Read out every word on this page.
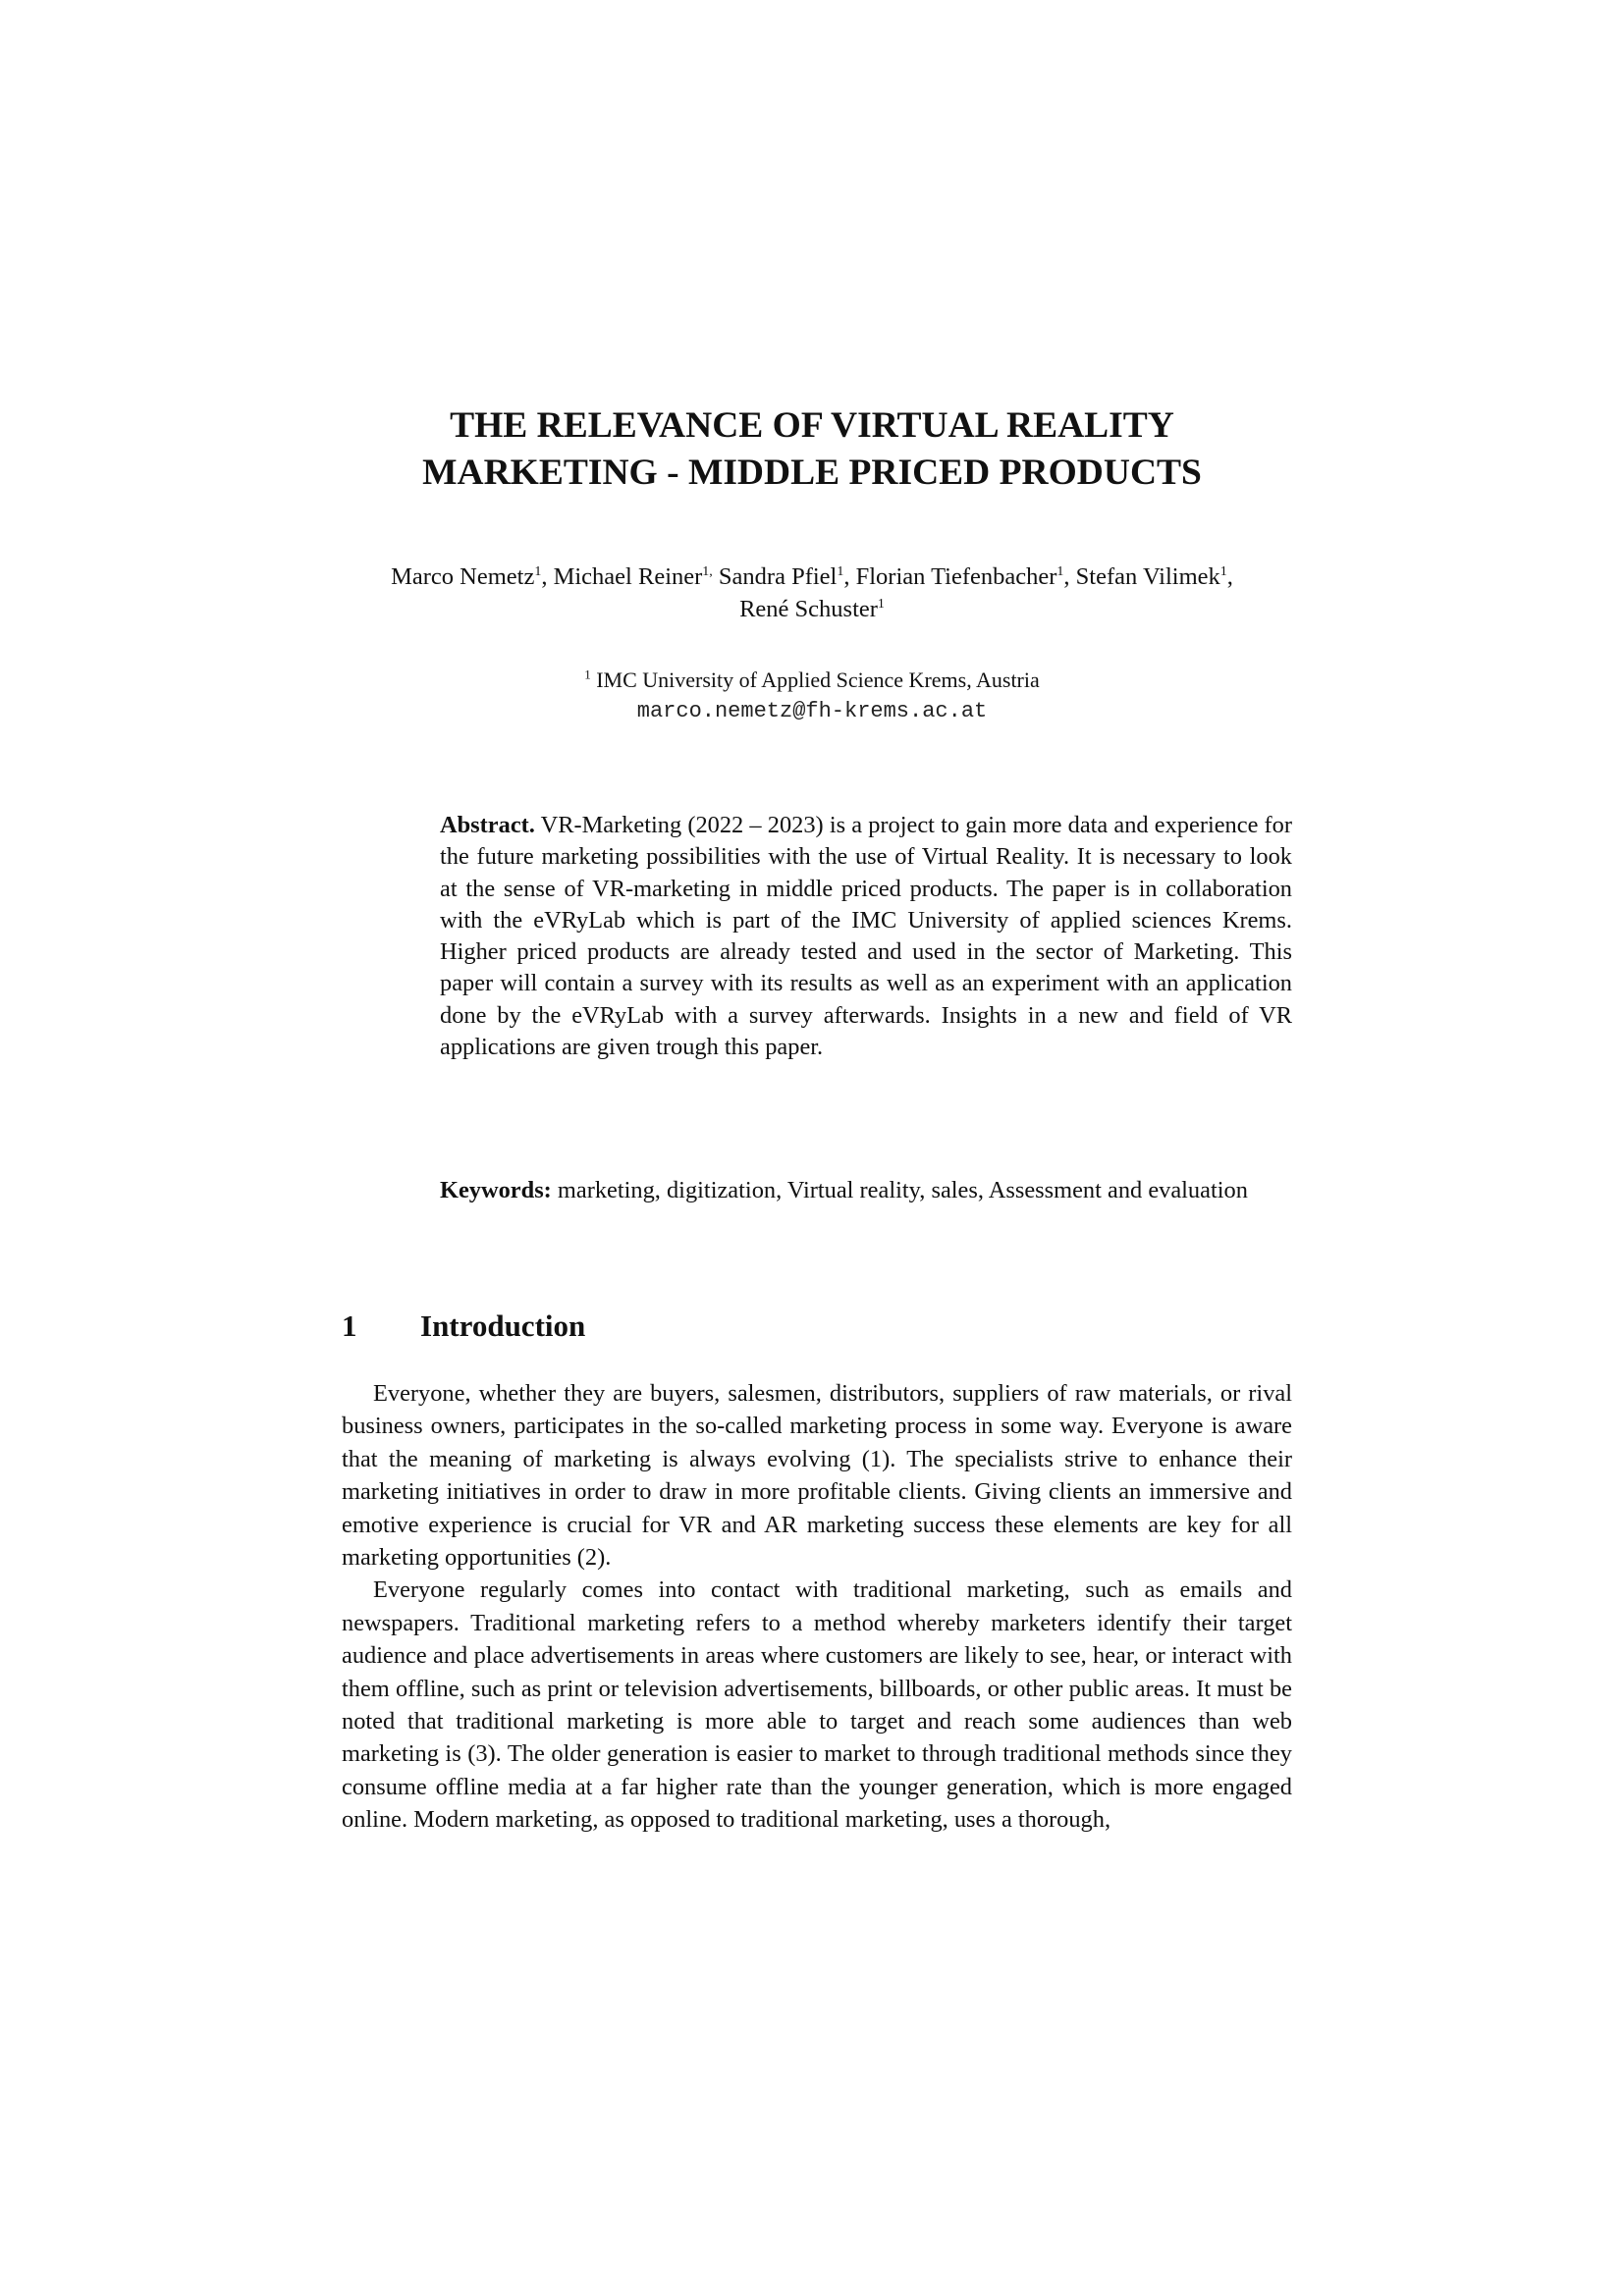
THE RELEVANCE OF VIRTUAL REALITY
MARKETING - MIDDLE PRICED PRODUCTS
Marco Nemetz$^1$, Michael Reiner$^{1,}$ Sandra Pfiel$^1$, Florian Tiefenbacher$^1$, Stefan Vilimek$^1$,
René Schuster$^1$
$^1$ IMC University of Applied Science Krems, Austria
marco.nemetz@fh-krems.ac.at
Abstract. VR-Marketing (2022 – 2023) is a project to gain more data and experience for the future marketing possibilities with the use of Virtual Reality. It is necessary to look at the sense of VR-marketing in middle priced products. The paper is in collaboration with the eVRyLab which is part of the IMC University of applied sciences Krems. Higher priced products are already tested and used in the sector of Marketing. This paper will contain a survey with its results as well as an experiment with an application done by the eVRyLab with a survey afterwards. Insights in a new and field of VR applications are given trough this paper.
Keywords: marketing, digitization, Virtual reality, sales, Assessment and evaluation
1 Introduction

Everyone, whether they are buyers, salesmen, distributors, suppliers of raw materials, or rival business owners, participates in the so-called marketing process in some way. Everyone is aware that the meaning of marketing is always evolving (1). The specialists strive to enhance their marketing initiatives in order to draw in more profitable clients. Giving clients an immersive and emotive experience is crucial for VR and AR marketing success these elements are key for all marketing opportunities (2).

Everyone regularly comes into contact with traditional marketing, such as emails and newspapers. Traditional marketing refers to a method whereby marketers identify their target audience and place advertisements in areas where customers are likely to see, hear, or interact with them offline, such as print or television advertisements, billboards, or other public areas. It must be noted that traditional marketing is more able to target and reach some audiences than web marketing is (3). The older generation is easier to market to through traditional methods since they consume offline media at a far higher rate than the younger generation, which is more engaged online. Modern marketing, as opposed to traditional marketing, uses a thorough,
